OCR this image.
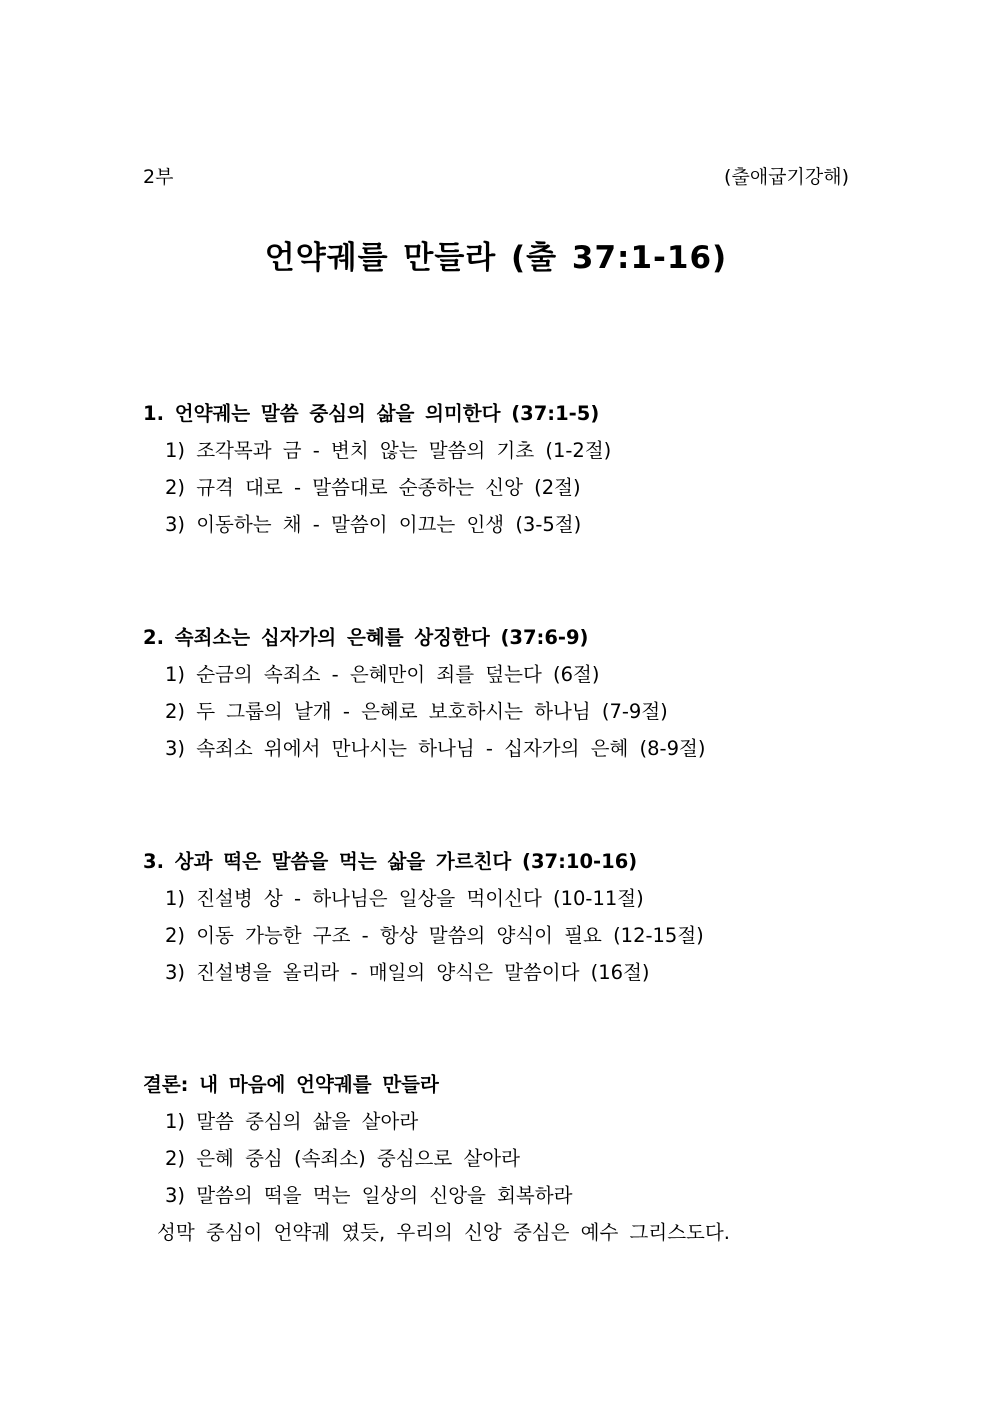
2부	(출애굽기강해)
언약궤를 만들라 (출 37:1-16)
1. 언약궤는 말씀 중심의 삶을 의미한다 (37:1-5)
1) 조각목과 금 - 변치 않는 말씀의 기초 (1-2절)
2) 규격 대로 - 말씀대로 순종하는 신앙 (2절)
3) 이동하는 채 - 말씀이 이끄는 인생 (3-5절)
2. 속죄소는 십자가의 은혜를 상징한다 (37:6-9)
1) 순금의 속죄소 - 은혜만이 죄를 덮는다 (6절)
2) 두 그룹의 날개 - 은혜로 보호하시는 하나님 (7-9절)
3) 속죄소 위에서 만나시는 하나님 - 십자가의 은혜 (8-9절)
3. 상과 떡은 말씀을 먹는 삶을 가르친다 (37:10-16)
1) 진설병 상 - 하나님은 일상을 먹이신다 (10-11절)
2) 이동 가능한 구조 - 항상 말씀의 양식이 필요 (12-15절)
3) 진설병을 올리라 - 매일의 양식은 말씀이다 (16절)
결론: 내 마음에 언약궤를 만들라
1) 말씀 중심의 삶을 살아라
2) 은혜 중심 (속죄소) 중심으로 살아라
3) 말씀의 떡을 먹는 일상의 신앙을 회복하라
성막 중심이 언약궤 였듯, 우리의 신앙 중심은 예수 그리스도다.
